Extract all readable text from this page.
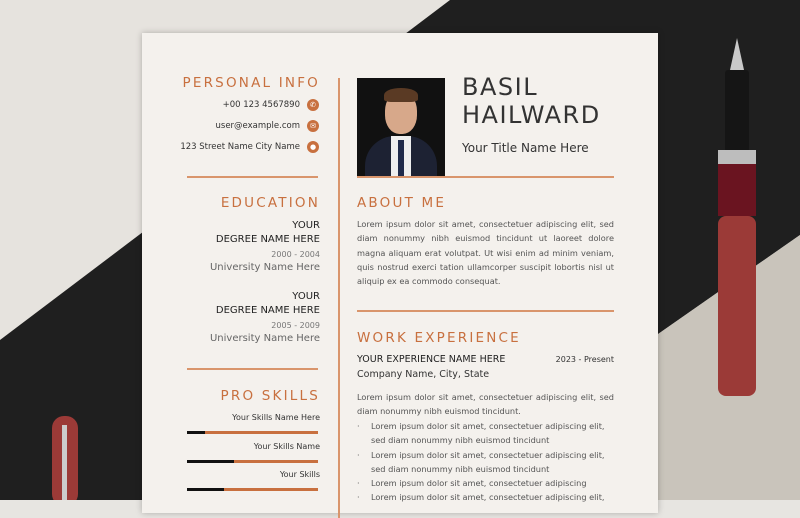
PERSONAL INFO
+00 123 4567890	✆
user@example.com	✉
123 Street Name City Name	●
EDUCATION
YOUR
DEGREE NAME HERE
2000 - 2004
University Name Here
YOUR
DEGREE NAME HERE
2005 - 2009
University Name Here
PRO SKILLS
Your Skills Name Here
Your Skills Name
Your Skills
BASIL
HAILWARD
Your Title Name Here
ABOUT ME
Lorem ipsum dolor sit amet, consectetuer adipiscing elit, sed
diam nonummy nibh euismod tincidunt ut laoreet dolore
magna aliquam erat volutpat. Ut wisi enim ad minim veniam,
quis nostrud exerci tation ullamcorper suscipit lobortis nisl ut
aliquip ex ea commodo consequat.
WORK EXPERIENCE
YOUR EXPERIENCE NAME HERE	2023 - Present
Company Name, City, State
Lorem ipsum dolor sit amet, consectetuer adipiscing elit, sed
diam nonummy nibh euismod tincidunt.
· Lorem ipsum dolor sit amet, consectetuer adipiscing elit,
sed diam nonummy nibh euismod tincidunt
· Lorem ipsum dolor sit amet, consectetuer adipiscing elit,
sed diam nonummy nibh euismod tincidunt
· Lorem ipsum dolor sit amet, consectetuer adipiscing
· Lorem ipsum dolor sit amet, consectetuer adipiscing elit,
